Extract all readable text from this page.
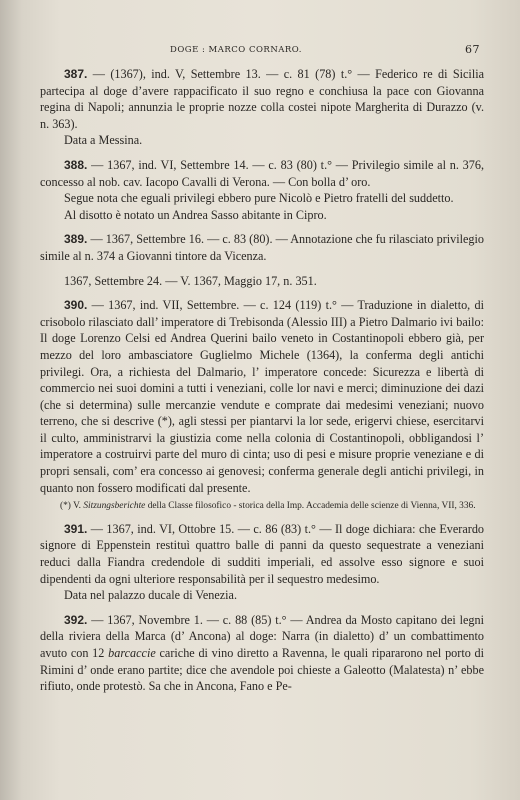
DOGE : MARCO CORNARO.	67

387. — (1367), ind. V, Settembre 13. — c. 81 (78) t.° — Federico re di Sicilia partecipa al doge d’avere rappacificato il suo regno e conchiusa la pace con Giovanna regina di Napoli; annunzia le proprie nozze colla costei nipote Margherita di Durazzo (v. n. 363).

Data a Messina.

388. — 1367, ind. VI, Settembre 14. — c. 83 (80) t.° — Privilegio simile al n. 376, concesso al nob. cav. Iacopo Cavalli di Verona. — Con bolla d’ oro.

Segue nota che eguali privilegi ebbero pure Nicolò e Pietro fratelli del suddetto.

Al disotto è notato un Andrea Sasso abitante in Cipro.

389. — 1367, Settembre 16. — c. 83 (80). — Annotazione che fu rilasciato privilegio simile al n. 374 a Giovanni tintore da Vicenza.

1367, Settembre 24. — V. 1367, Maggio 17, n. 351.

390. — 1367, ind. VII, Settembre. — c. 124 (119) t.° — Traduzione in dialetto, di crisobolo rilasciato dall’ imperatore di Trebisonda (Alessio III) a Pietro Dalmario ivi bailo: Il doge Lorenzo Celsi ed Andrea Querini bailo veneto in Costantinopoli ebbero già, per mezzo del loro ambasciatore Guglielmo Michele (1364), la conferma degli antichi privilegi. Ora, a richiesta del Dalmario, l’ imperatore concede: Sicurezza e libertà di commercio nei suoi domini a tutti i veneziani, colle lor navi e merci; diminuzione dei dazi (che si determina) sulle mercanzie vendute e comprate dai medesimi veneziani; nuovo terreno, che si descrive (*), agli stessi per piantarvi la lor sede, erigervi chiese, esercitarvi il culto, amministrarvi la giustizia come nella colonia di Costantinopoli, obbligandosi l’ imperatore a costruirvi parte del muro di cinta; uso di pesi e misure proprie veneziane e di propri sensali, com’ era concesso ai genovesi; conferma generale degli antichi privilegi, in quanto non fossero modificati dal presente.

(*) V. Sitzungsberichte della Classe filosofico - storica della Imp. Accademia delle scienze di Vienna, VII, 336.

391. — 1367, ind. VI, Ottobre 15. — c. 86 (83) t.° — Il doge dichiara: che Everardo signore di Eppenstein restituì quattro balle di panni da questo sequestrate a veneziani reduci dalla Fiandra credendole di sudditi imperiali, ed assolve esso signore e suoi dipendenti da ogni ulteriore responsabilità per il sequestro medesimo.

Data nel palazzo ducale di Venezia.

392. — 1367, Novembre 1. — c. 88 (85) t.° — Andrea da Mosto capitano dei legni della riviera della Marca (d’ Ancona) al doge: Narra (in dialetto) d’ un combattimento avuto con 12 barcaccie cariche di vino diretto a Ravenna, le quali ripararono nel porto di Rimini d’ onde erano partite; dice che avendole poi chieste a Galeotto (Malatesta) n’ ebbe rifiuto, onde protestò. Sa che in Ancona, Fano e Pe-
